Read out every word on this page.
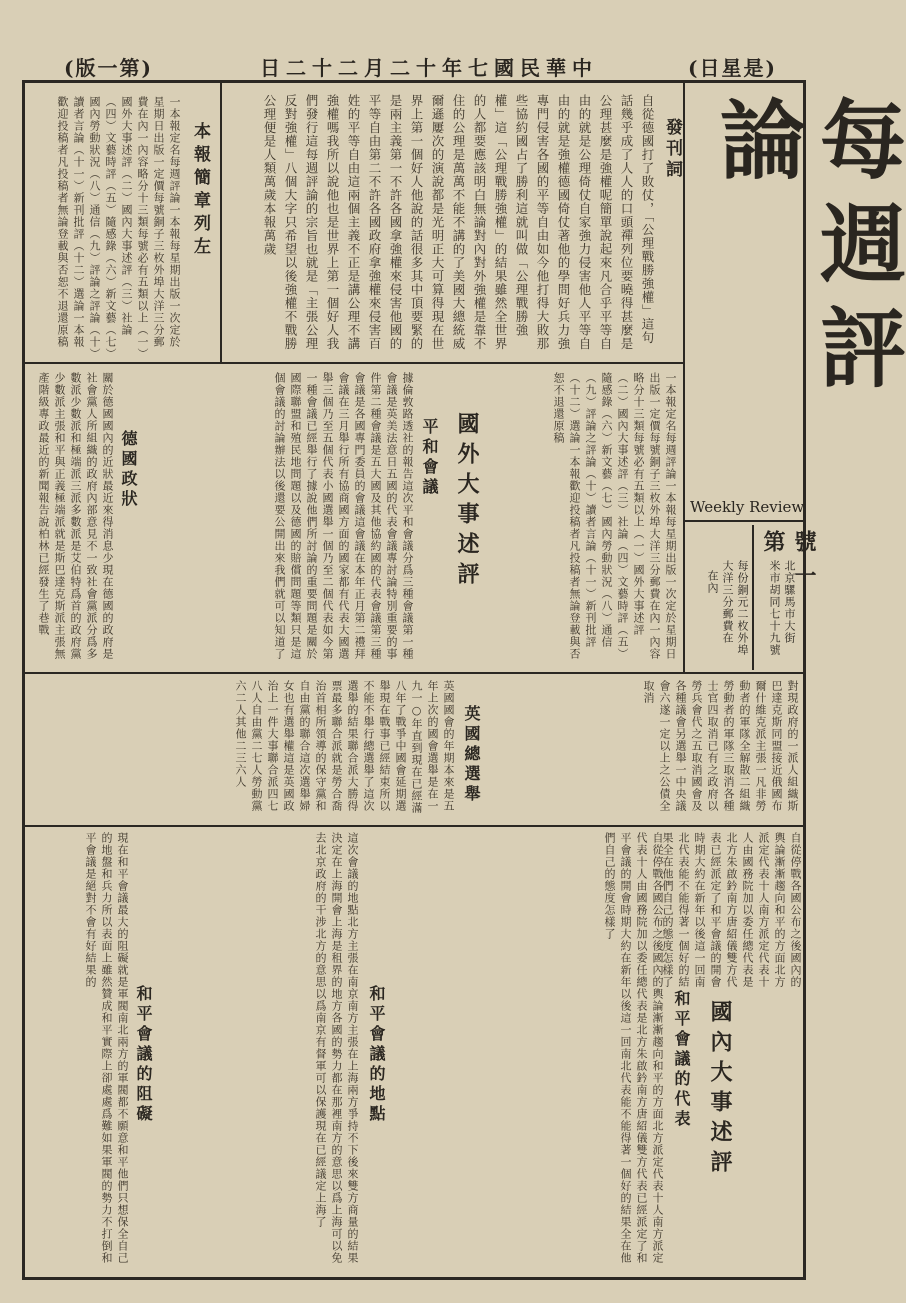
(日星是)
日二十二月二十年七國民華中
(版一第)
每週評論
Weekly Review
號一第
北京騾馬市大街
米市胡同七十九號
每份銅元二枚外埠
大洋三分郵費在
在內
發刊詞
自從德國打了敗仗，「公理戰勝強權」這句話幾乎成了人人的口頭禪列位要曉得甚麼是公理甚麼是強權呢簡單說起來凡合乎平等自由的就是公理倚仗自家強力侵害他人平等自由的就是強權德國倚仗著他的學問好兵力強專門侵害各國的平等自由如今他打得大敗那些協約國占了勝利這就叫做「公理戰勝強權」這「公理戰勝強權」的結果雖然全世界的人都要應該明白無論對內對外強權是靠不住的公理是萬萬不能不講的了美國大總統威爾遜屢次的演說都是光明正大可算得現在世界上第一個好人他說的話很多其中頂要緊的是兩主義第一不許各國拿強權來侵害他國的平等自由第二不許各國政府拿強權來侵害百姓的平等自由這兩個主義不正是講公理不講強權嗎我所以說他也是世界上第一個好人我們發行這每週評論的宗旨也就是「主張公理反對強權」八個大字只希望以後強權不戰勝公理便是人類萬歲本報萬歲
本報簡章列左
一本報定名每週評論一本報每星期出版一次定於星期日出版一定價每號銅子三枚外埠大洋三分郵費在內一內容略分十三類每號必有五類以上（一）國外大事述評（二）國內大事述評（三）社論（四）文藝時評（五）隨感錄（六）新文藝（七）國內勞動狀況（八）通信（九）評論之評論（十）讀者言論（十一）新刊批評（十二）選論一本報歡迎投稿者凡投稿者無論登載與否恕不退還原稿
國外大事述評	一本報定名每週評論一本報每星期出版一次定於星期日出版一定價每號銅子三枚外埠大洋三分郵費在內一內容略分十三類每號必有五類以上（一）國外大事述評（二）國內大事述評（三）社論（四）文藝時評（五）隨感錄（六）新文藝（七）國內勞動狀況（八）通信（九）評論之評論（十）讀者言論（十一）新刊批評（十二）選論一本報歡迎投稿者凡投稿者無論登載與否恕不退還原稿
平和會議
據倫敦路透社的報告這次平和會議分爲三種會議第一種會議是英美法意日五國的代表會議專討論特別重要的事件第二種會議是五大國及其他協約國的代表會議第三種會議是各國專門委員的會議這會議在本年正月第二禮拜會議在三月舉行所有協商國方面的國家都有代表大國選舉三個乃至五個代表小國選舉一個乃至二個代表如今第一種會議已經舉行了據說他們所討論的重要問題是關於國際聯盟和殖民地問題以及德國的賠償問題等類只是這個會議的討論辦法以後還要公開出來我們就可以知道了
德國政狀
關於德國國內的近狀最近來得消息少現在德國的政府是社會黨人所組織的政府內部意見不一致社會黨派分爲多數派少數派和極端派三派多數派是艾伯特爲首的政府黨少數派主張和平與正義極端派就是斯巴達克斯派主張無產階級專政最近的新聞報告說柏林已經發生了巷戰
對現政府的一派人組織斯巴達克斯同盟接近俄國布爾什維克派主張一凡非勞動者的軍隊全解散二組織勞動者的軍隊三取消各種士官四取消已有之政府以勞兵會代之五取消國會及各種議會另選舉一中央議會六遂一定以上之公債全取消
英國總選舉
英國國會的年期本來是五年上次的國會選舉是在一九一○年直到現在已經滿八年了戰爭中國會延期選舉現在戰事已經結束所以不能不舉行總選舉了這次選舉的結果聯合派大勝得票最多聯合派就是勞合喬治首相所領導的保守黨和自由黨的聯合這次選舉婦女也有選舉權這是英國政治上一件大事聯合派四七八人自由黨二七人勞動黨六二人其他二三六人
國內大事述評
自從停戰各國公布之後國內的輿論漸漸趨向和平的方面北方派定代表十人南方派定代表十人由國務院加以委任總代表是北方朱啟鈐南方唐紹儀雙方代表已經派定了和平會議的開會時期大約在新年以後這一回南北代表能不能得著一個好的結果全在他們自己的態度怎樣了
和平會議的代表
自從停戰各國公布之後國內的輿論漸漸趨向和平的方面北方派定代表十人南方派定代表十人由國務院加以委任總代表是北方朱啟鈐南方唐紹儀雙方代表已經派定了和平會議的開會時期大約在新年以後這一回南北代表能不能得著一個好的結果全在他們自己的態度怎樣了
和平會議的地點
這次會議的地點北方主張在南京南方主張在上海兩方爭持不下後來雙方商量的結果決定在上海開會上海是租界的地方各國的勢力都在那裡南方的意思以爲上海可以免去北京政府的干涉北方的意思以爲南京有督軍可以保護現在已經議定上海了
和平會議的阻礙
現在和平會議最大的阻礙就是軍閥南北兩方的軍閥都不願意和平他們只想保全自己的地盤和兵力所以表面上雖然贊成和平實際上卻處處爲難如果軍閥的勢力不打倒和平會議是絕對不會有好結果的
